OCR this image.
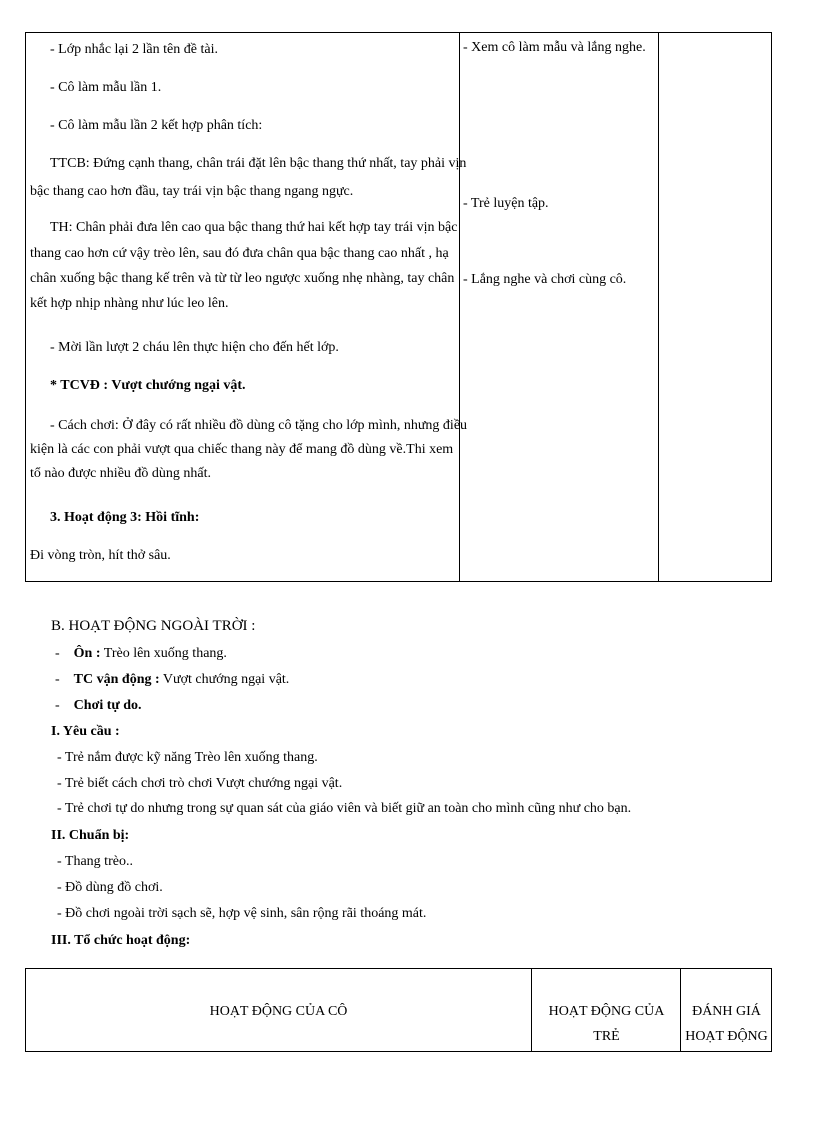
- Lớp nhắc lại 2 lần tên đề tài.
- Cô làm mẫu lần 1.
- Cô làm mẫu lần 2 kết hợp phân tích:
TTCB: Đứng cạnh thang, chân trái đặt lên bậc thang thứ nhất, tay phải vịn
bậc thang cao hơn đầu, tay trái vịn bậc thang ngang ngực.
TH: Chân phải đưa lên cao qua bậc thang thứ hai kết hợp tay trái vịn bậc
thang cao hơn cứ vậy trèo lên, sau đó đưa chân qua bậc thang cao nhất , hạ
chân xuống bậc thang kế trên và từ từ leo ngược xuống nhẹ nhàng, tay chân
kết hợp nhịp nhàng như lúc leo lên.
- Mời lần lượt 2 cháu lên thực hiện cho đến hết lớp.
* TCVĐ : Vượt chướng ngại vật.
- Cách chơi: Ở đây có rất nhiều đồ dùng cô tặng cho lớp mình, nhưng điều
kiện là các con phải vượt qua chiếc thang này để mang đồ dùng về.Thi xem
tổ nào được nhiều đồ dùng nhất.
3. Hoạt động 3: Hồi tĩnh:
Đi vòng tròn, hít thở sâu.
- Xem cô làm mẫu và lắng nghe.
- Trẻ luyện tập.
- Lắng nghe và chơi cùng cô.
B. HOẠT ĐỘNG NGOÀI TRỜI :
-    Ôn : Trèo lên xuống thang.
-    TC vận động : Vượt chướng ngại vật.
-    Chơi tự do.
I. Yêu cầu :
- Trẻ nắm được kỹ năng Trèo lên xuống thang.
- Trẻ biết cách chơi trò chơi Vượt chướng ngại vật.
- Trẻ chơi tự do nhưng trong sự quan sát của giáo viên và biết giữ an toàn cho mình cũng như cho bạn.
II. Chuẩn bị:
- Thang trèo..
- Đồ dùng đồ chơi.
- Đồ chơi ngoài trời sạch sẽ, hợp vệ sinh, sân rộng rãi thoáng mát.
III. Tổ chức hoạt động:
HOẠT ĐỘNG CỦA CÔ	HOẠT ĐỘNG CỦA
TRẺ
ĐÁNH GIÁ
HOẠT ĐỘNG
